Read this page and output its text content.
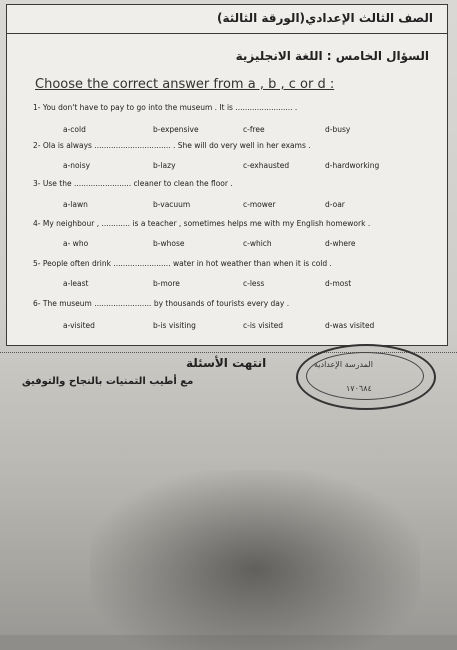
الصف الثالث الإعدادي
(الورقة الثالثة)
السؤال الخامس : اللغة الانجليزية
Choose the correct answer from a , b , c or d :
1- You don't have to pay to go into the museum . It is ........................ .
a-cold	b-expensive	c-free	d-busy
2- Ola is always ................................ . She will do very well in her exams .
a-noisy	b-lazy	c-exhausted	d-hardworking
3- Use the ........................ cleaner to clean the floor .
a-lawn	b-vacuum	c-mower	d-oar
4- My neighbour , ............ is a teacher , sometimes helps me with my English homework .
a- who	b-whose	c-which	d-where
5- People often drink ........................ water in hot weather than when it is cold .
a-least	b-more	c-less	d-most
6- The museum ........................ by thousands of tourists every day .
a-visited	b-is visiting	c-is visited	d-was visited
انتهت الأسئلة
مع أطيب التمنيات بالنجاح والتوفيق
المدرسة الإعدادية
١٧٠٦٨٤
